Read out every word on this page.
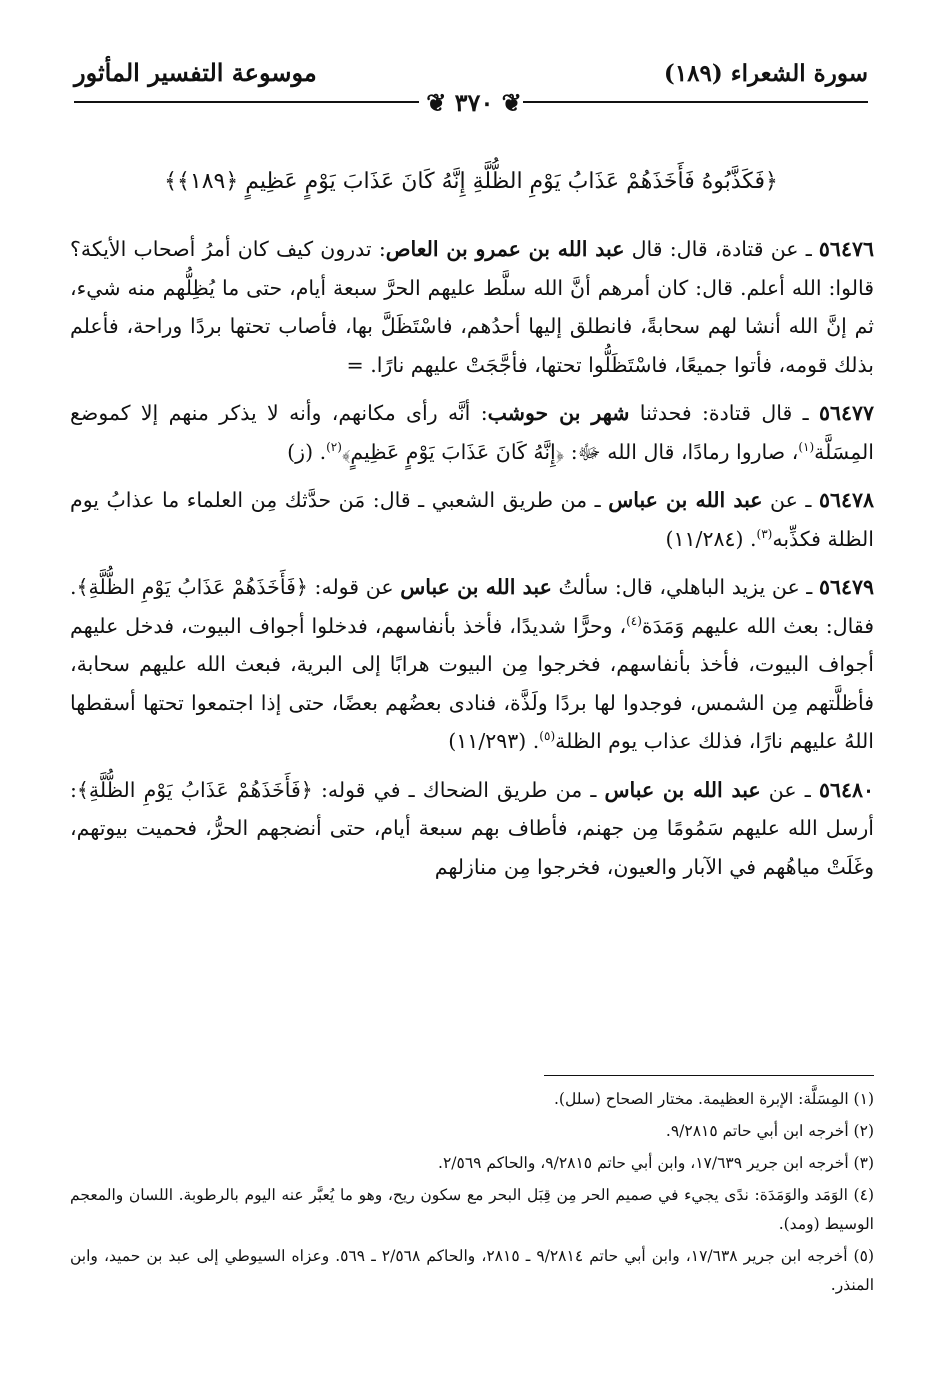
سورة الشعراء (١٨٩)
موسوعة التفسير المأثور
❦ ٣٧٠ ❦
﴿فَكَذَّبُوهُ فَأَخَذَهُمْ عَذَابُ يَوْمِ الظُّلَّةِ إِنَّهُ كَانَ عَذَابَ يَوْمٍ عَظِيمٍ ﴿١٨٩﴾﴾

٥٦٤٧٦ ـ عن قتادة، قال: قال عبد الله بن عمرو بن العاص: تدرون كيف كان أمرُ أصحاب الأيكة؟ قالوا: الله أعلم. قال: كان أمرهم أنَّ الله سلَّط عليهم الحرَّ سبعة أيام، حتى ما يُظِلُّهم منه شيء، ثم إنَّ الله أنشا لهم سحابةً، فانطلق إليها أحدُهم، فاسْتَظَلَّ بها، فأصاب تحتها بردًا وراحة، فأعلم بذلك قومه، فأتوا جميعًا، فاسْتَظَلُّوا تحتها، فأجَّجَتْ عليهم نارًا. =

٥٦٤٧٧ ـ قال قتادة: فحدثنا شهر بن حوشب: أنَّه رأى مكانهم، وأنه لا يذكر منهم إلا كموضع المِسَلَّة$^{(١)}$، صاروا رمادًا، قال الله ﷻ: ﴿إِنَّهُ كَانَ عَذَابَ يَوْمٍ عَظِيمٍ﴾$^{(٢)}$. (ز)

٥٦٤٧٨ ـ عن عبد الله بن عباس ـ من طريق الشعبي ـ قال: مَن حدَّثك مِن العلماء ما عذابُ يوم الظلة فكذِّبه$^{(٣)}$. (١١/٢٨٤)

٥٦٤٧٩ ـ عن يزيد الباهلي، قال: سألتُ عبد الله بن عباس عن قوله: ﴿فَأَخَذَهُمْ عَذَابُ يَوْمِ الظُّلَّةِ﴾. فقال: بعث الله عليهم وَمَدَة$^{(٤)}$، وحرًّا شديدًا، فأخذ بأنفاسهم، فدخلوا أجواف البيوت، فدخل عليهم أجواف البيوت، فأخذ بأنفاسهم، فخرجوا مِن البيوت هرابًا إلى البرية، فبعث الله عليهم سحابة، فأظلَّتهم مِن الشمس، فوجدوا لها بردًا ولَذَّة، فنادى بعضُهم بعضًا، حتى إذا اجتمعوا تحتها أسقطها اللهُ عليهم نارًا، فذلك عذاب يوم الظلة$^{(٥)}$. (١١/٢٩٣)

٥٦٤٨٠ ـ عن عبد الله بن عباس ـ من طريق الضحاك ـ في قوله: ﴿فَأَخَذَهُمْ عَذَابُ يَوْمِ الظُّلَّةِ﴾: أرسل الله عليهم سَمُومًا مِن جهنم، فأطاف بهم سبعة أيام، حتى أنضجهم الحرُّ، فحميت بيوتهم، وغَلَتْ مياهُهم في الآبار والعيون، فخرجوا مِن منازلهم

(١) المِسَلَّة: الإبرة العظيمة. مختار الصحاح (سلل).

(٢) أخرجه ابن أبي حاتم ٩/٢٨١٥.

(٣) أخرجه ابن جرير ١٧/٦٣٩، وابن أبي حاتم ٩/٢٨١٥، والحاكم ٢/٥٦٩.

(٤) الوَمَد والوَمَدَة: ندًى يجيء في صميم الحر مِن قِبَل البحر مع سكون ريح، وهو ما يُعبَّر عنه اليوم بالرطوبة. اللسان والمعجم الوسيط (ومد).

(٥) أخرجه ابن جرير ١٧/٦٣٨، وابن أبي حاتم ٩/٢٨١٤ ـ ٢٨١٥، والحاكم ٢/٥٦٨ ـ ٥٦٩. وعزاه السيوطي إلى عبد بن حميد، وابن المنذر.
